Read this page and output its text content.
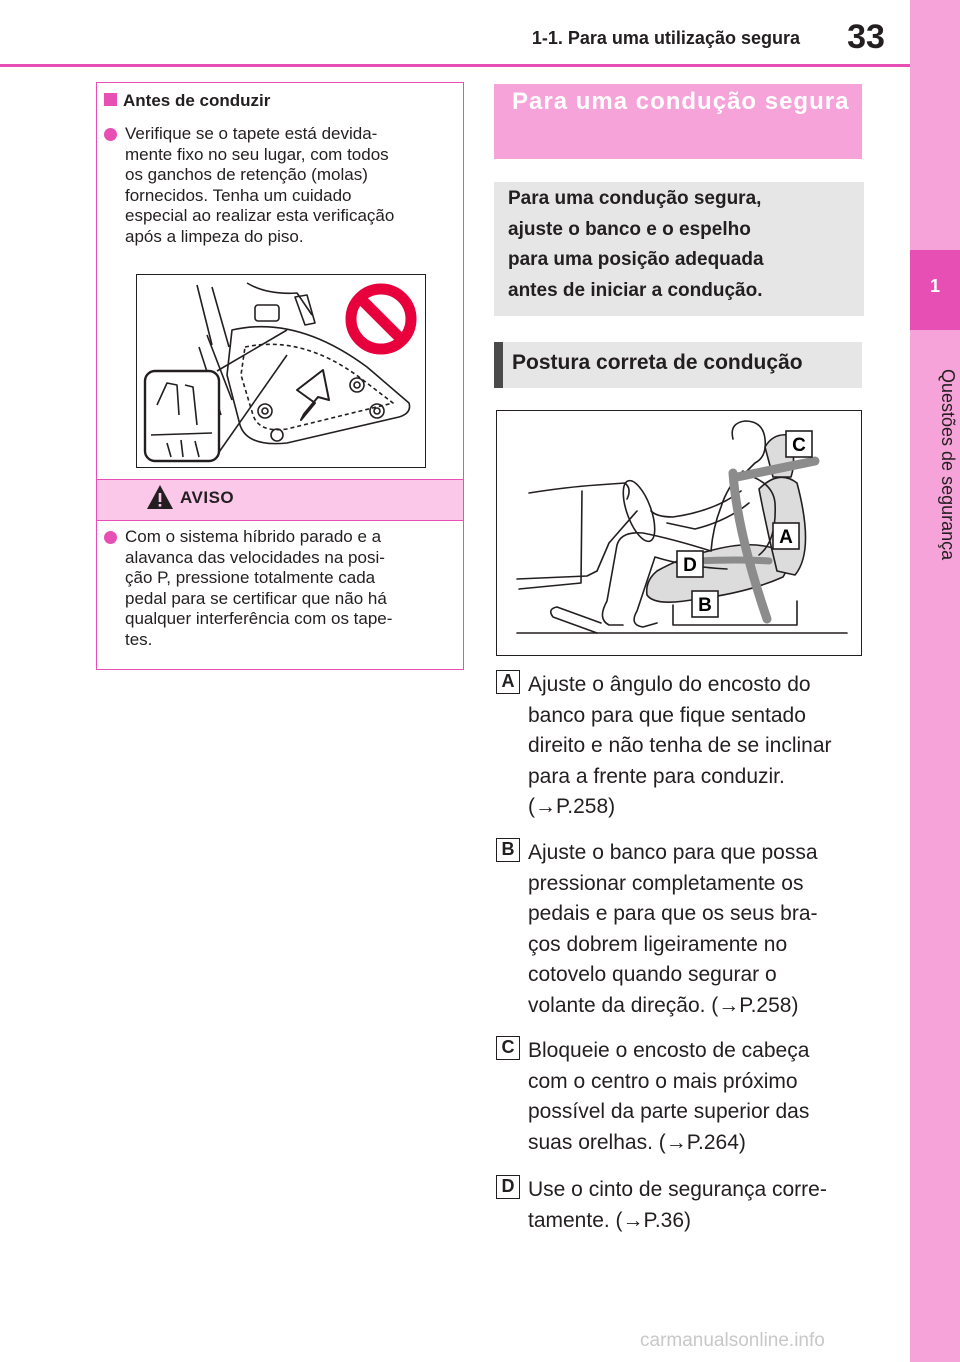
1-1. Para uma utilização segura	33
1
Questões de segurança
Antes de conduzir
Verifique se o tapete está devida-
mente fixo no seu lugar, com todos
os ganchos de retenção (molas)
fornecidos. Tenha um cuidado
especial ao realizar esta verificação
após a limpeza do piso.
AVISO
Com o sistema híbrido parado e a
alavanca das velocidades na posi-
ção P, pressione totalmente cada
pedal para se certificar que não há
qualquer interferência com os tape-
tes.
Para uma condução segura
Para uma condução segura,
ajuste o banco e o espelho
para uma posição adequada
antes de iniciar a condução.
Postura correta de condução
C
A
D
B
A Ajuste o ângulo do encosto do
banco para que fique sentado
direito e não tenha de se inclinar
para a frente para conduzir.
(→P.258)
B Ajuste o banco para que possa
pressionar completamente os
pedais e para que os seus bra-
ços dobrem ligeiramente no
cotovelo quando segurar o
volante da direção. (→P.258)
C Bloqueie o encosto de cabeça
com o centro o mais próximo
possível da parte superior das
suas orelhas. (→P.264)
D Use o cinto de segurança corre-
tamente. (→P.36)
carmanualsonline.info
